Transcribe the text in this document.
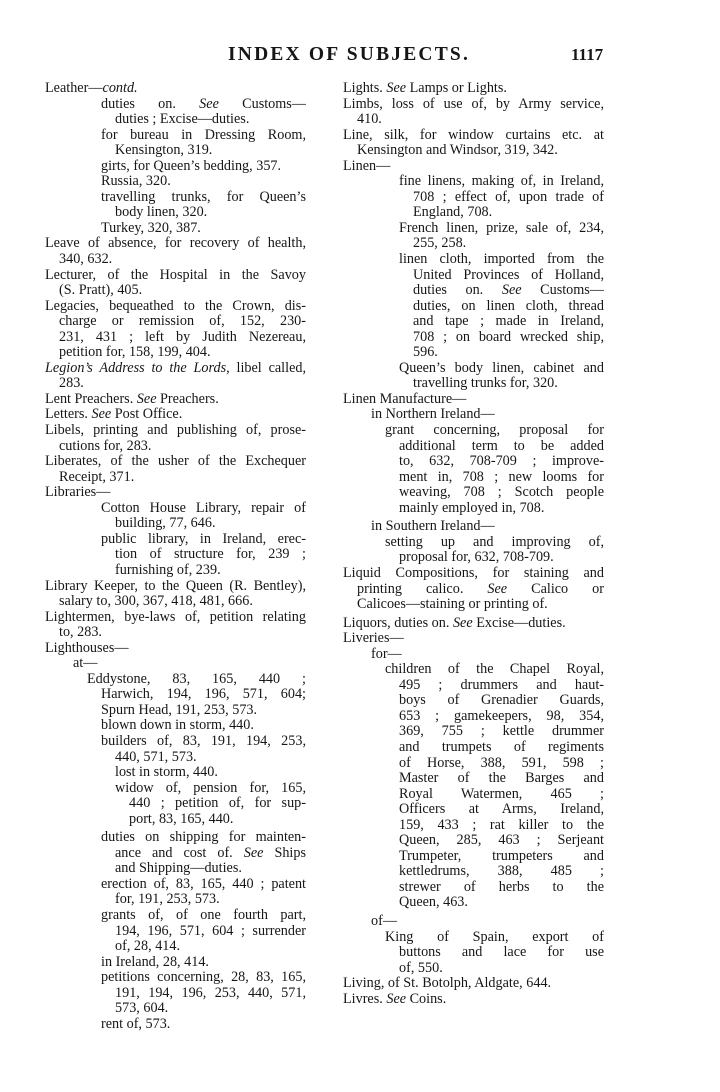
INDEX OF SUBJECTS.	1117
Leather—contd.
duties on. See Customs—
duties ; Excise—duties.
for bureau in Dressing Room,
Kensington, 319.
girts, for Queen’s bedding, 357.
Russia, 320.
travelling trunks, for Queen’s
body linen, 320.
Turkey, 320, 387.
Leave of absence, for recovery of health,
340, 632.
Lecturer, of the Hospital in the Savoy
(S. Pratt), 405.
Legacies, bequeathed to the Crown, dis-
charge or remission of, 152, 230-
231, 431 ; left by Judith Nezereau,
petition for, 158, 199, 404.
Legion’s Address to the Lords, libel called,
283.
Lent Preachers. See Preachers.
Letters. See Post Office.
Libels, printing and publishing of, prose-
cutions for, 283.
Liberates, of the usher of the Exchequer
Receipt, 371.
Libraries—
Cotton House Library, repair of
building, 77, 646.
public library, in Ireland, erec-
tion of structure for, 239 ;
furnishing of, 239.
Library Keeper, to the Queen (R. Bentley),
salary to, 300, 367, 418, 481, 666.
Lightermen, bye-laws of, petition relating
to, 283.
Lighthouses—
at—
Eddystone, 83, 165, 440 ;
Harwich, 194, 196, 571, 604;
Spurn Head, 191, 253, 573.
blown down in storm, 440.
builders of, 83, 191, 194, 253,
440, 571, 573.
lost in storm, 440.
widow of, pension for, 165,
440 ; petition of, for sup-
port, 83, 165, 440.
duties on shipping for mainten-
ance and cost of. See Ships
and Shipping—duties.
erection of, 83, 165, 440 ; patent
for, 191, 253, 573.
grants of, of one fourth part,
194, 196, 571, 604 ; surrender
of, 28, 414.
in Ireland, 28, 414.
petitions concerning, 28, 83, 165,
191, 194, 196, 253, 440, 571,
573, 604.
rent of, 573.
Lights. See Lamps or Lights.
Limbs, loss of use of, by Army service,
410.
Line, silk, for window curtains etc. at
Kensington and Windsor, 319, 342.
Linen—
fine linens, making of, in Ireland,
708 ; effect of, upon trade of
England, 708.
French linen, prize, sale of, 234,
255, 258.
linen cloth, imported from the
United Provinces of Holland,
duties on. See Customs—
duties, on linen cloth, thread
and tape ; made in Ireland,
708 ; on board wrecked ship,
596.
Queen’s body linen, cabinet and
travelling trunks for, 320.
Linen Manufacture—
in Northern Ireland—
grant concerning, proposal for
additional term to be added
to, 632, 708-709 ; improve-
ment in, 708 ; new looms for
weaving, 708 ; Scotch people
mainly employed in, 708.
in Southern Ireland—
setting up and improving of,
proposal for, 632, 708-709.
Liquid Compositions, for staining and
printing calico. See Calico or
Calicoes—staining or printing of.
Liquors, duties on. See Excise—duties.
Liveries—
for—
children of the Chapel Royal,
495 ; drummers and haut-
boys of Grenadier Guards,
653 ; gamekeepers, 98, 354,
369, 755 ; kettle drummer
and trumpets of regiments
of Horse, 388, 591, 598 ;
Master of the Barges and
Royal Watermen, 465 ;
Officers at Arms, Ireland,
159, 433 ; rat killer to the
Queen, 285, 463 ; Serjeant
Trumpeter, trumpeters and
kettledrums, 388, 485 ;
strewer of herbs to the
Queen, 463.
of—
King of Spain, export of
buttons and lace for use
of, 550.
Living, of St. Botolph, Aldgate, 644.
Livres. See Coins.
